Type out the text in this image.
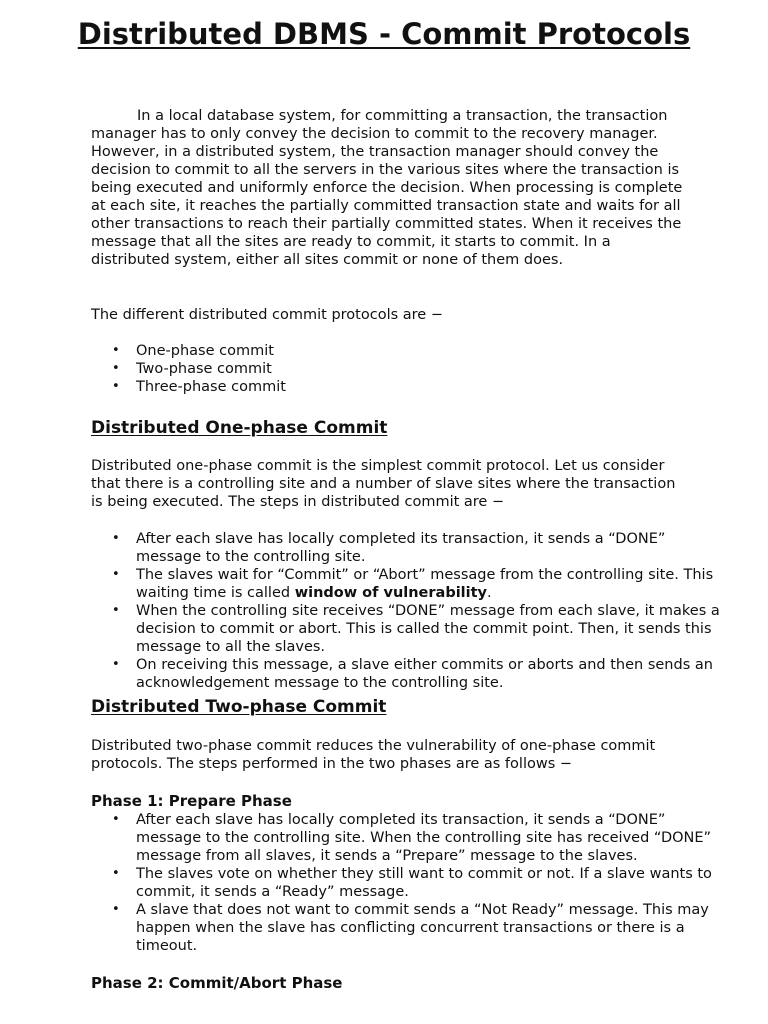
Distributed DBMS - Commit Protocols

In a local database system, for committing a transaction, the transaction manager has to only convey the decision to commit to the recovery manager. However, in a distributed system, the transaction manager should convey the decision to commit to all the servers in the various sites where the transaction is being executed and uniformly enforce the decision. When processing is complete at each site, it reaches the partially committed transaction state and waits for all other transactions to reach their partially committed states. When it receives the message that all the sites are ready to commit, it starts to commit. In a distributed system, either all sites commit or none of them does.

The different distributed commit protocols are −

• One-phase commit
• Two-phase commit
• Three-phase commit
Distributed One-phase Commit

Distributed one-phase commit is the simplest commit protocol. Let us consider that there is a controlling site and a number of slave sites where the transaction is being executed. The steps in distributed commit are −

• After each slave has locally completed its transaction, it sends a “DONE” message to the controlling site.
• The slaves wait for “Commit” or “Abort” message from the controlling site. This waiting time is called window of vulnerability.
• When the controlling site receives “DONE” message from each slave, it makes a decision to commit or abort. This is called the commit point. Then, it sends this message to all the slaves.
• On receiving this message, a slave either commits or aborts and then sends an acknowledgement message to the controlling site.
Distributed Two-phase Commit

Distributed two-phase commit reduces the vulnerability of one-phase commit protocols. The steps performed in the two phases are as follows −

Phase 1: Prepare Phase
• After each slave has locally completed its transaction, it sends a “DONE” message to the controlling site. When the controlling site has received “DONE” message from all slaves, it sends a “Prepare” message to the slaves.
• The slaves vote on whether they still want to commit or not. If a slave wants to commit, it sends a “Ready” message.
• A slave that does not want to commit sends a “Not Ready” message. This may happen when the slave has conflicting concurrent transactions or there is a timeout.
Phase 2: Commit/Abort Phase
